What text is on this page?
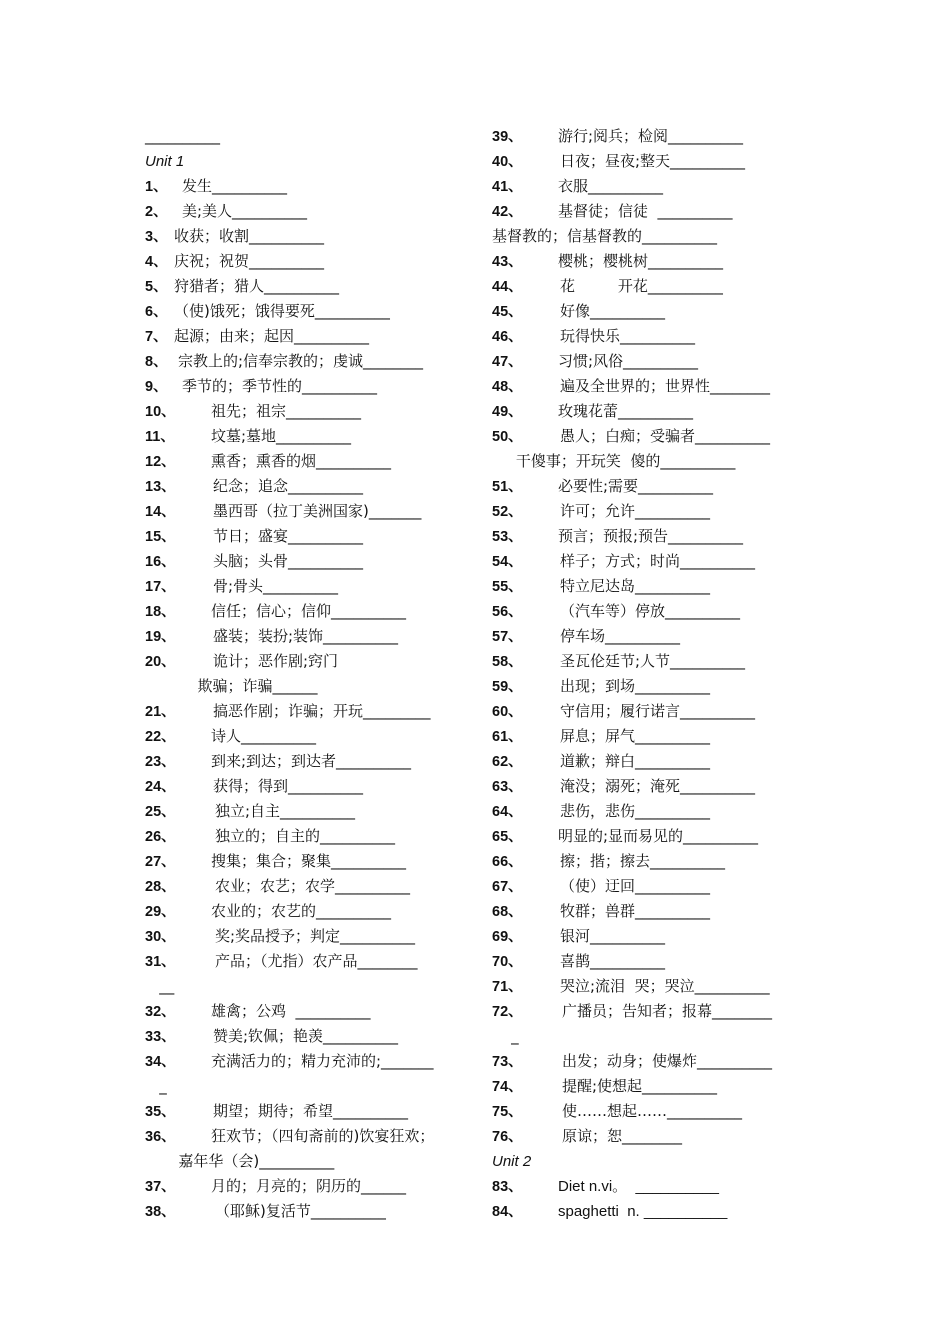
__________
Unit 1
1、 发生__________
2、 美;美人__________
3、 收获；收割__________
4、 庆祝；祝贺__________
5、 狩猎者；猎人__________
6、 （使)饿死；饿得要死__________
7、 起源；由来；起因__________
8、 宗教上的;信奉宗教的；虔诚________
9、 季节的；季节性的__________
10、 祖先；祖宗__________
11、 坟墓;墓地__________
12、 熏香；熏香的烟__________
13、 纪念；追念__________
14、 墨西哥（拉丁美洲国家)_______
15、 节日；盛宴__________
16、 头脑；头骨__________
17、 骨;骨头__________
18、 信任；信心；信仰__________
19、 盛装；装扮;装饰__________
20、 诡计；恶作剧;窍门
欺骗；诈骗______
21、 搞恶作剧；诈骗；开玩_________
22、 诗人__________
23、 到来;到达；到达者__________
24、 获得；得到__________
25、	独立;自主__________
26、	独立的；自主的__________
27、 搜集；集合；聚集__________
28、	农业；农艺；农学__________
29、 农业的；农艺的__________
30、	奖;奖品授予；判定__________
31、	产品；（尤指）农产品________
__
32、 雄禽；公鸡  __________
33、 赞美;钦佩；艳羡__________
34、 充满活力的；精力充沛的;_______
_
35、 期望；期待；希望__________
36、 狂欢节；（四旬斋前的)饮宴狂欢；
嘉年华（会)__________
37、 月的；月亮的；阴历的______
38、	（耶稣)复活节__________
39、 游行;阅兵；检阅__________
40、 日夜；昼夜;整天__________
41、 衣服__________
42、 基督徒；信徒  __________
基督教的；信基督教的__________
43、 樱桃；樱桃树__________
44、 花         开花__________
45、 好像__________
46、 玩得快乐__________
47、 习惯;风俗__________
48、 遍及全世界的；世界性________
49、 玫瑰花蕾__________
50、 愚人；白痴；受骗者__________
干傻事；开玩笑  傻的__________
51、 必要性;需要__________
52、 许可；允许__________
53、 预言；预报;预告__________
54、 样子；方式；时尚__________
55、 特立尼达岛__________
56、 （汽车等）停放__________
57、 停车场__________
58、 圣瓦伦廷节;人节__________
59、 出现；到场__________
60、 守信用；履行诺言__________
61、 屏息；屏气__________
62、 道歉；辩白__________
63、 淹没；溺死；淹死__________
64、 悲伤，悲伤__________
65、 明显的;显而易见的__________
66、 擦；揩；擦去__________
67、 （使）迂回__________
68、 牧群；兽群__________
69、 银河__________
70、 喜鹊__________
71、 哭泣;流泪  哭；哭泣__________
72、	广播员；告知者；报幕________
_
73、	出发；动身；使爆炸__________
74、	提醒;使想起__________
75、	使……想起……__________
76、	原谅；恕________
Unit 2
83、 Diet n.vi。  __________
84、 spaghetti  n. __________
